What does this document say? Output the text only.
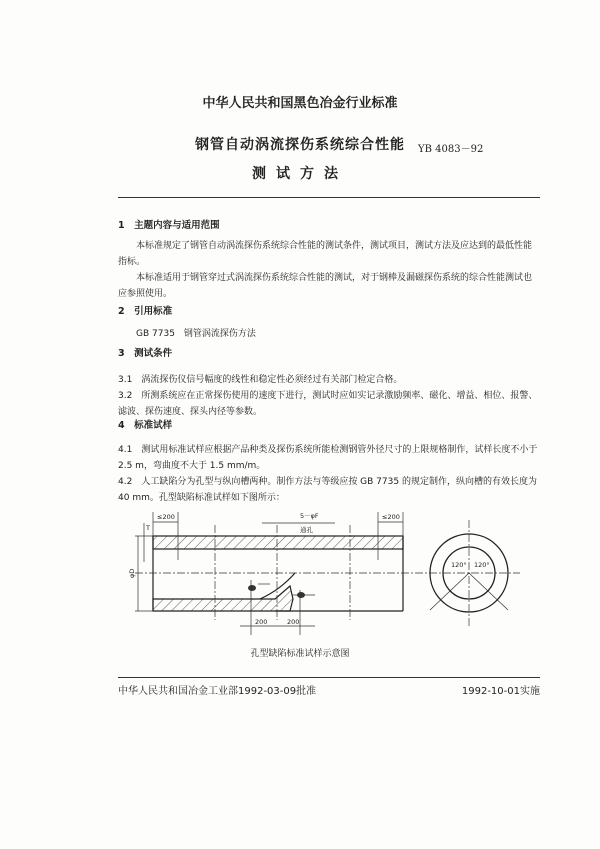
中华人民共和国黑色冶金行业标准
钢管自动涡流探伤系统综合性能
测试方法
YB 4083－92
1　主题内容与适用范围
本标准规定了钢管自动涡流探伤系统综合性能的测试条件，测试项目，测试方法及应达到的最低性能指标。
本标准适用于钢管穿过式涡流探伤系统综合性能的测试，对于钢棒及漏磁探伤系统的综合性能测试也应参照使用。
2　引用标准
GB 7735　钢管涡流探伤方法
3　测试条件
3.1　涡流探伤仪信号幅度的线性和稳定性必须经过有关部门检定合格。
3.2　所测系统应在正常探伤使用的速度下进行，测试时应如实记录激励频率、磁化、增益、相位、报警、滤波、探伤速度、探头内径等参数。
4　标准试样
4.1　测试用标准试样应根据产品种类及探伤系统所能检测钢管外径尺寸的上限规格制作，试样长度不小于 2.5 m，弯曲度不大于 1.5 mm/m。
4.2　人工缺陷分为孔型与纵向槽两种。制作方法与等级应按 GB 7735 的规定制作，纵向槽的有效长度为 40 mm。孔型缺陷标准试样如下图所示：
≤200	≤200
5－φF
通孔
T
φD
200	200
120° 120°
孔型缺陷标准试样示意图
中华人民共和国冶金工业部1992-03-09批准	1992-10-01实施
